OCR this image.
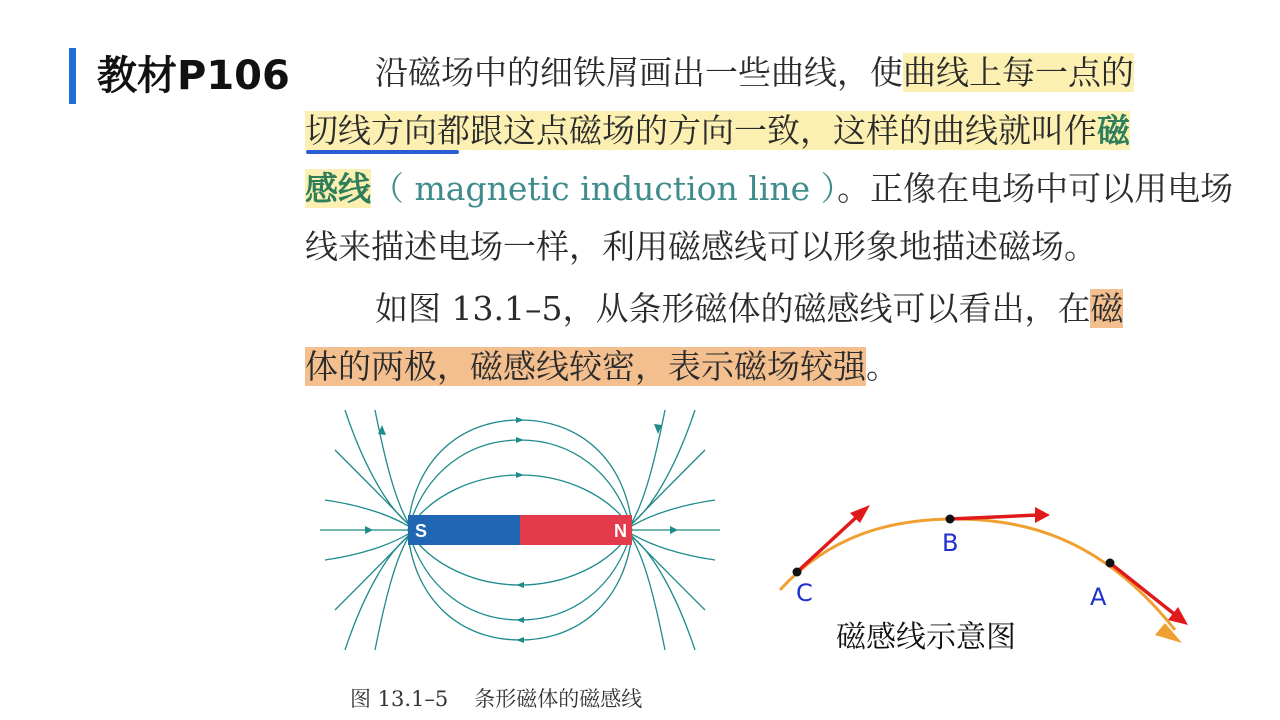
教材P106	沿磁场中的细铁屑画出一些曲线，使曲线上每一点的
切线方向都跟这点磁场的方向一致，这样的曲线就叫作磁
感线（ magnetic induction line ）。正像在电场中可以用电场
线来描述电场一样，利用磁感线可以形象地描述磁场。
如图 13.1–5，从条形磁体的磁感线可以看出，在磁
体的两极，磁感线较密，表示磁场较强。
S	N
图 13.1–5 条形磁体的磁感线
A
B
C
磁感线示意图
